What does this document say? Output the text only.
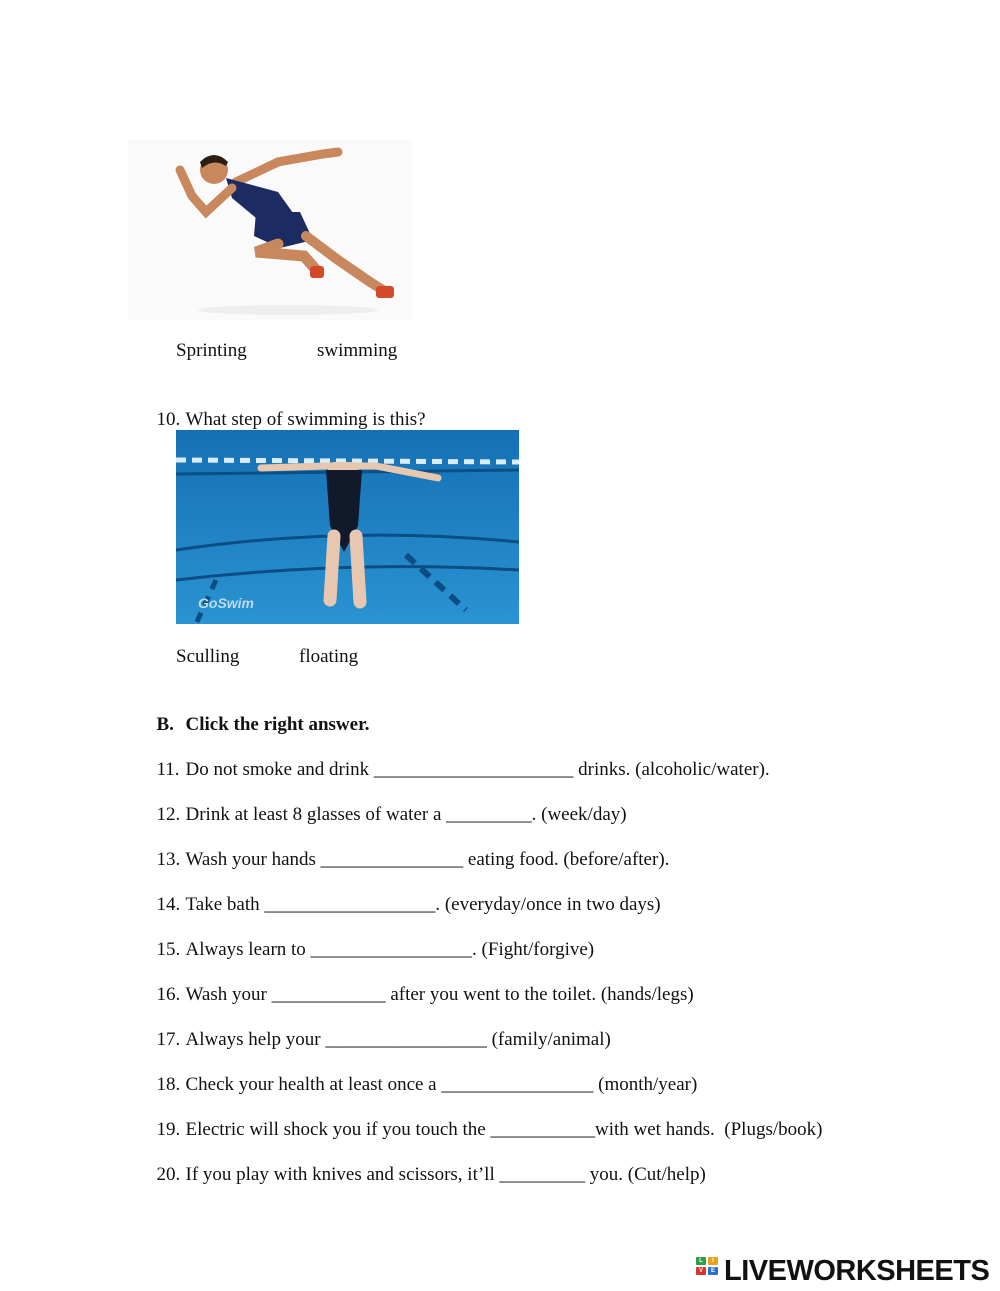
Sprinting	swimming

10. What step of swimming is this?

GoSwim
Sculling	floating

B. Click the right answer.

11. Do not smoke and drink _____________________ drinks. (alcoholic/water).

12. Drink at least 8 glasses of water a _________. (week/day)

13. Wash your hands _______________ eating food. (before/after).

14. Take bath __________________. (everyday/once in two days)

15. Always learn to _________________. (Fight/forgive)

16. Wash your ____________ after you went to the toilet. (hands/legs)

17. Always help your _________________ (family/animal)

18. Check your health at least once a ________________ (month/year)

19. Electric will shock you if you touch the ___________with wet hands.  (Plugs/book)

20. If you play with knives and scissors, it’ll _________ you. (Cut/help)

L	I
V	E LIVEWORKSHEETS
